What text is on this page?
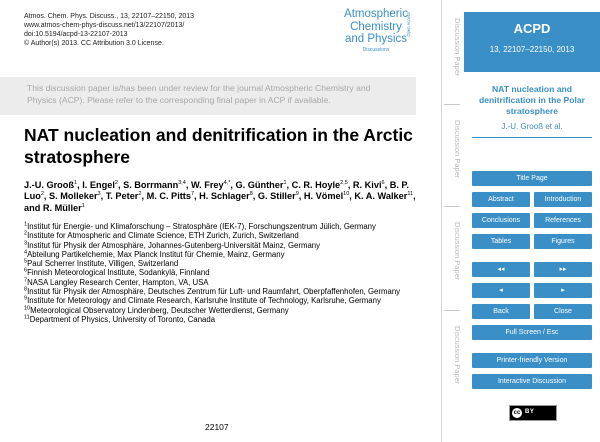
Atmos. Chem. Phys. Discuss., 13, 22107–22150, 2013
www.atmos-chem-phys-discuss.net/13/22107/2013/
doi:10.5194/acpd-13-22107-2013
© Author(s) 2013. CC Attribution 3.0 License.
Atmospheric
Chemistry
and Physics
Discussions
Open Access
This discussion paper is/has been under review for the journal Atmospheric Chemistry and Physics (ACP). Please refer to the corresponding final paper in ACP if available.
NAT nucleation and denitrification in the Arctic stratosphere
J.-U. Grooß$^1$, I. Engel$^2$, S. Borrmann$^{3,4}$, W. Frey$^{4,*}$, G. Günther$^1$, C. R. Hoyle$^{2,5}$, R. Kivi$^6$, B. P. Luo$^2$, S. Molleker$^3$, T. Peter$^2$, M. C. Pitts$^7$, H. Schlager$^8$, G. Stiller$^9$, H. Vömel$^{10}$, K. A. Walker$^{11}$, and R. Müller$^1$
$^1$Institut für Energie- und Klimaforschung – Stratosphäre (IEK-7), Forschungszentrum Jülich, Germany
$^2$Institute for Atmospheric and Climate Science, ETH Zurich, Zurich, Switzerland
$^3$Institut für Physik der Atmosphäre, Johannes-Gutenberg-Universität Mainz, Germany
$^4$Abteilung Partikelchemie, Max Planck Institut für Chemie, Mainz, Germany
$^5$Paul Scherrer Institute, Villigen, Switzerland
$^6$Finnish Meteorological Institute, Sodankylä, Finnland
$^7$NASA Langley Research Center, Hampton, VA, USA
$^8$Institut für Physik der Atmosphäre, Deutsches Zentrum für Luft- und Raumfahrt, Oberpfaffenhofen, Germany
$^9$Institute for Meteorology and Climate Research, Karlsruhe Institute of Technology, Karlsruhe, Germany
$^{10}$Meteorological Observatory Lindenberg, Deutscher Wetterdienst, Germany
$^{11}$Department of Physics, University of Toronto, Canada
22107
Discussion Paper
Discussion Paper
Discussion Paper
Discussion Paper
ACPD
13, 22107–22150, 2013
NAT nucleation and denitrification in the Polar stratosphere
J.-U. Grooß et al.
Title Page
Abstract	Introduction
Conclusions	References
Tables	Figures
◂◂	▸▸
◂	▸
Back	Close
Full Screen / Esc
Printer-friendly Version
Interactive Discussion
cc BY
